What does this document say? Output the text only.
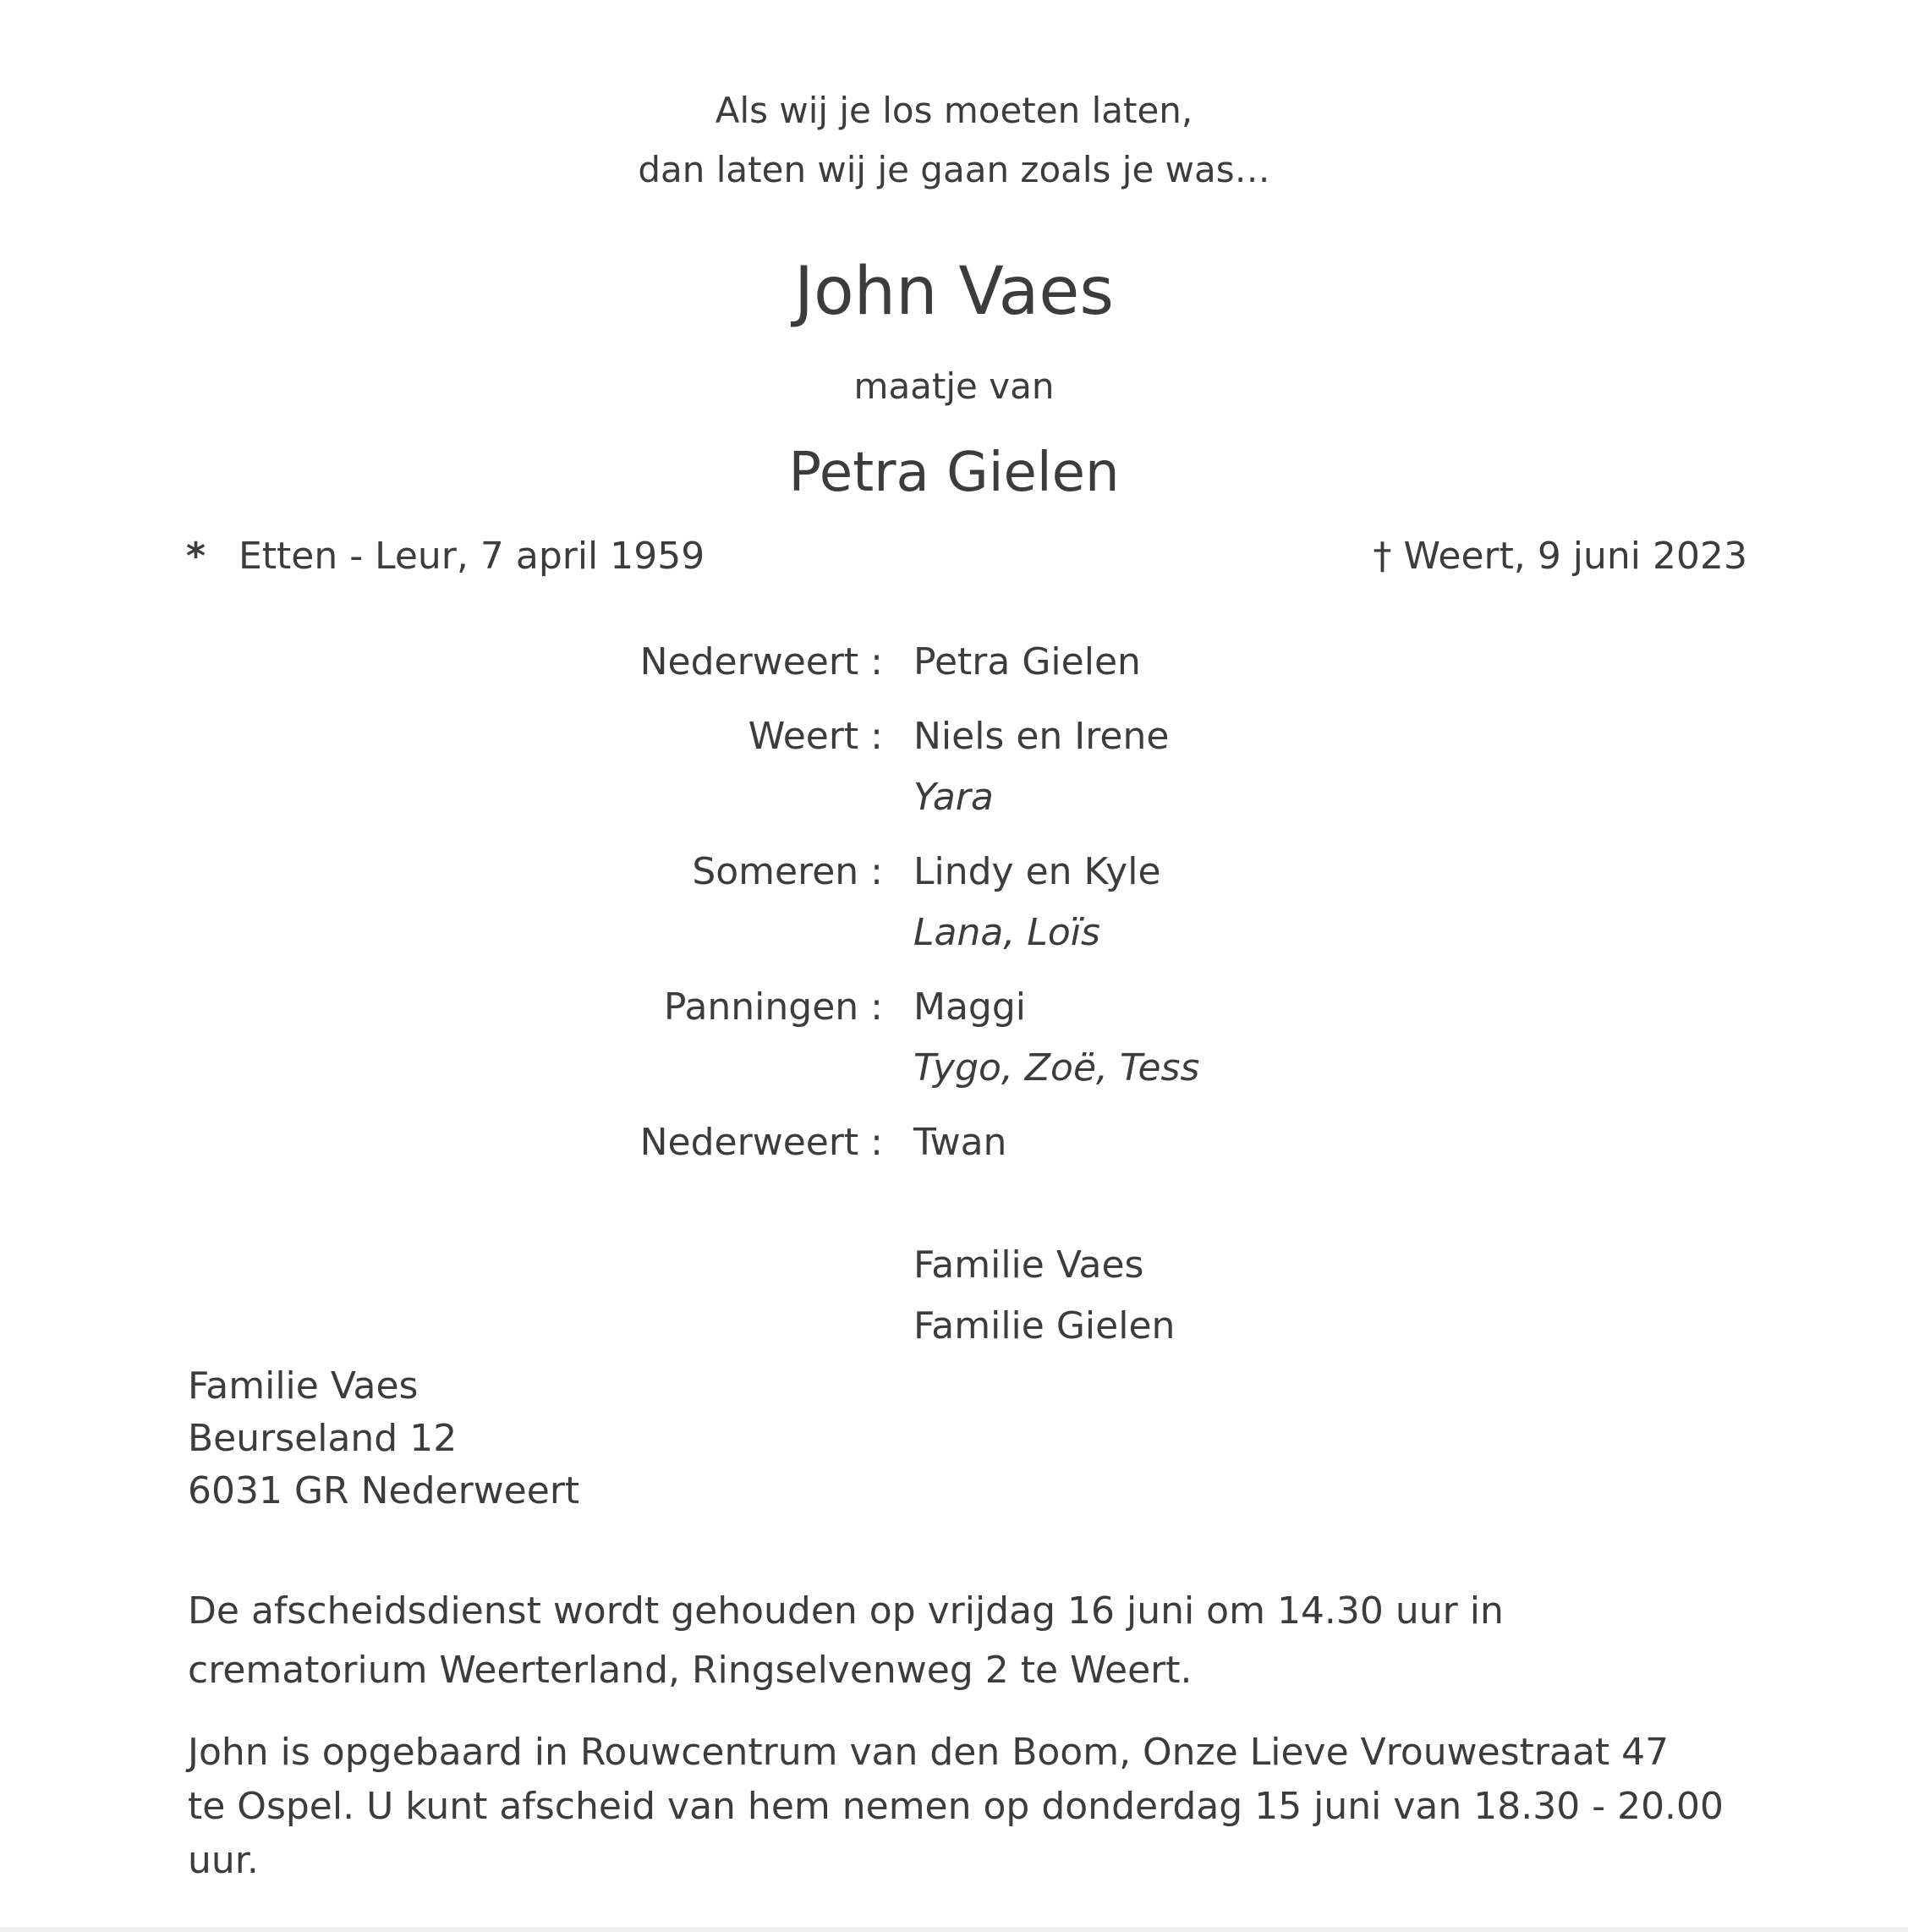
Als wij je los moeten laten,
dan laten wij je gaan zoals je was…
John Vaes
maatje van
Petra Gielen
* Etten - Leur, 7 april 1959	† Weert, 9 juni 2023
Nederweert : Petra Gielen
Weert : Niels en Irene
Yara
Someren : Lindy en Kyle
Lana, Loïs
Panningen : Maggi
Tygo, Zoë, Tess
Nederweert : Twan
Familie Vaes
Familie Gielen
Familie Vaes
Beurseland 12
6031 GR Nederweert
De afscheidsdienst wordt gehouden op vrijdag 16 juni om 14.30 uur in crematorium Weerterland, Ringselvenweg 2 te Weert.
John is opgebaard in Rouwcentrum van den Boom, Onze Lieve Vrouwestraat 47
te Ospel. U kunt afscheid van hem nemen op donderdag 15 juni van 18.30 - 20.00 uur.
